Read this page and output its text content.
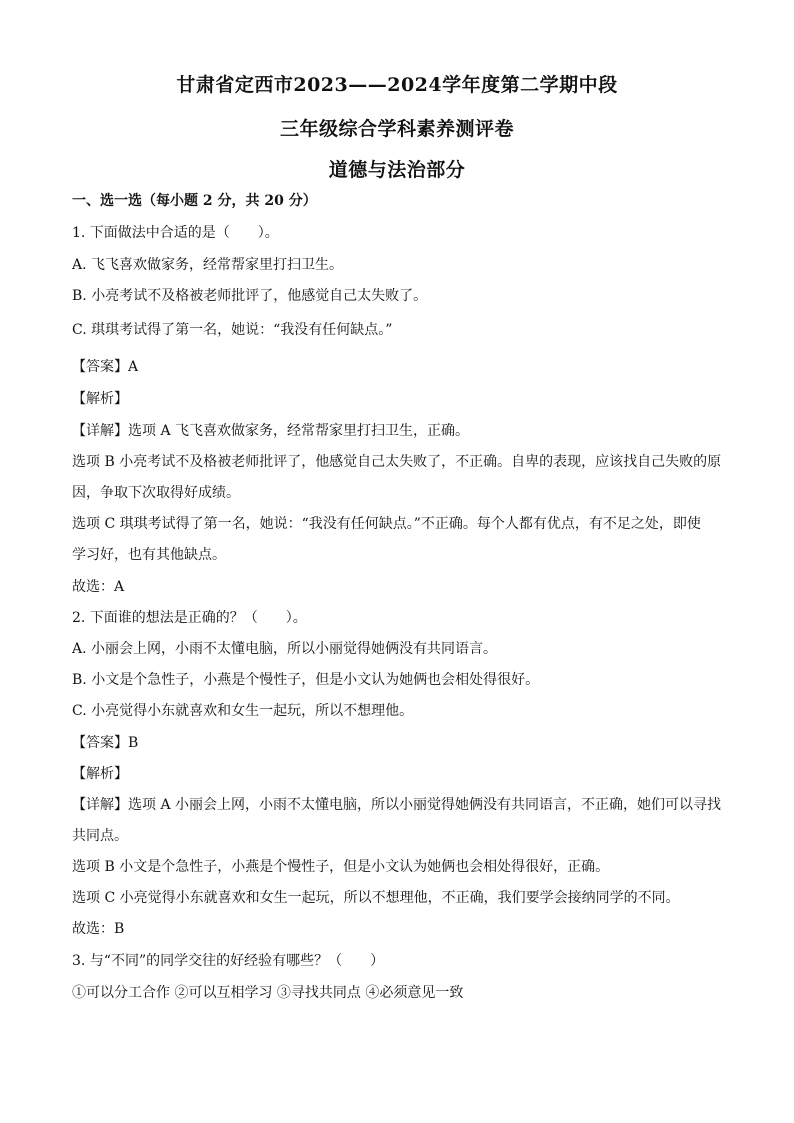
甘肃省定西市2023——2024学年度第二学期中段
三年级综合学科素养测评卷
道德与法治部分
一、选一选（每小题 2 分，共 20 分）
1. 下面做法中合适的是（　　）。
A. 飞飞喜欢做家务，经常帮家里打扫卫生。
B. 小亮考试不及格被老师批评了，他感觉自己太失败了。
C. 琪琪考试得了第一名，她说：“我没有任何缺点。”
【答案】A
【解析】
【详解】选项 A 飞飞喜欢做家务，经常帮家里打扫卫生，正确。
选项 B 小亮考试不及格被老师批评了，他感觉自己太失败了，不正确。自卑的表现，应该找自己失败的原
因，争取下次取得好成绩。
选项 C 琪琪考试得了第一名，她说：“我没有任何缺点。”不正确。每个人都有优点，有不足之处，即使
学习好，也有其他缺点。
故选：A
2. 下面谁的想法是正确的？（　　）。
A. 小丽会上网，小雨不太懂电脑，所以小丽觉得她俩没有共同语言。
B. 小文是个急性子，小燕是个慢性子，但是小文认为她俩也会相处得很好。
C. 小亮觉得小东就喜欢和女生一起玩，所以不想理他。
【答案】B
【解析】
【详解】选项 A 小丽会上网，小雨不太懂电脑，所以小丽觉得她俩没有共同语言，不正确，她们可以寻找
共同点。
选项 B 小文是个急性子，小燕是个慢性子，但是小文认为她俩也会相处得很好，正确。
选项 C 小亮觉得小东就喜欢和女生一起玩，所以不想理他，不正确，我们要学会接纳同学的不同。
故选：B
3. 与“不同”的同学交往的好经验有哪些？（　　）
①可以分工合作 ②可以互相学习 ③寻找共同点 ④必须意见一致
